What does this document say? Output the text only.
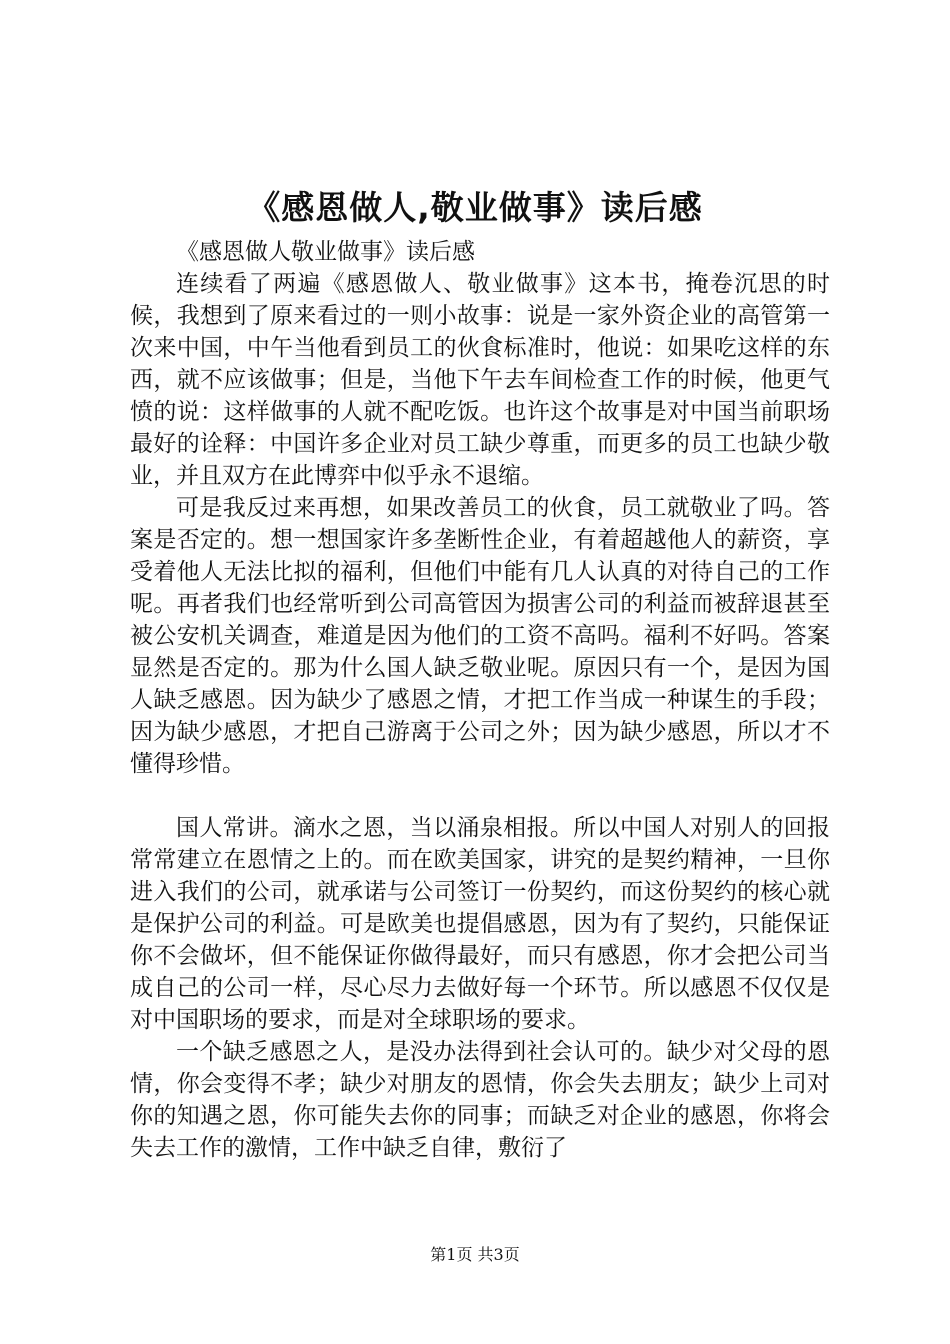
《感恩做人,敬业做事》读后感

《感恩做人敬业做事》读后感

连续看了两遍《感恩做人、敬业做事》这本书，掩卷沉思的时候，我想到了原来看过的一则小故事：说是一家外资企业的高管第一次来中国，中午当他看到员工的伙食标准时，他说：如果吃这样的东西，就不应该做事；但是，当他下午去车间检查工作的时候，他更气愤的说：这样做事的人就不配吃饭。也许这个故事是对中国当前职场最好的诠释：中国许多企业对员工缺少尊重，而更多的员工也缺少敬业，并且双方在此博弈中似乎永不退缩。

可是我反过来再想，如果改善员工的伙食，员工就敬业了吗。答案是否定的。想一想国家许多垄断性企业，有着超越他人的薪资，享受着他人无法比拟的福利，但他们中能有几人认真的对待自己的工作呢。再者我们也经常听到公司高管因为损害公司的利益而被辞退甚至被公安机关调查，难道是因为他们的工资不高吗。福利不好吗。答案显然是否定的。那为什么国人缺乏敬业呢。原因只有一个，是因为国人缺乏感恩。因为缺少了感恩之情，才把工作当成一种谋生的手段；因为缺少感恩，才把自己游离于公司之外；因为缺少感恩，所以才不懂得珍惜。

国人常讲。滴水之恩，当以涌泉相报。所以中国人对别人的回报常常建立在恩情之上的。而在欧美国家，讲究的是契约精神，一旦你进入我们的公司，就承诺与公司签订一份契约，而这份契约的核心就是保护公司的利益。可是欧美也提倡感恩，因为有了契约，只能保证你不会做坏，但不能保证你做得最好，而只有感恩，你才会把公司当成自己的公司一样，尽心尽力去做好每一个环节。所以感恩不仅仅是对中国职场的要求，而是对全球职场的要求。

一个缺乏感恩之人，是没办法得到社会认可的。缺少对父母的恩情，你会变得不孝；缺少对朋友的恩情，你会失去朋友；缺少上司对你的知遇之恩，你可能失去你的同事；而缺乏对企业的感恩，你将会失去工作的激情，工作中缺乏自律，敷衍了

第1页 共3页
